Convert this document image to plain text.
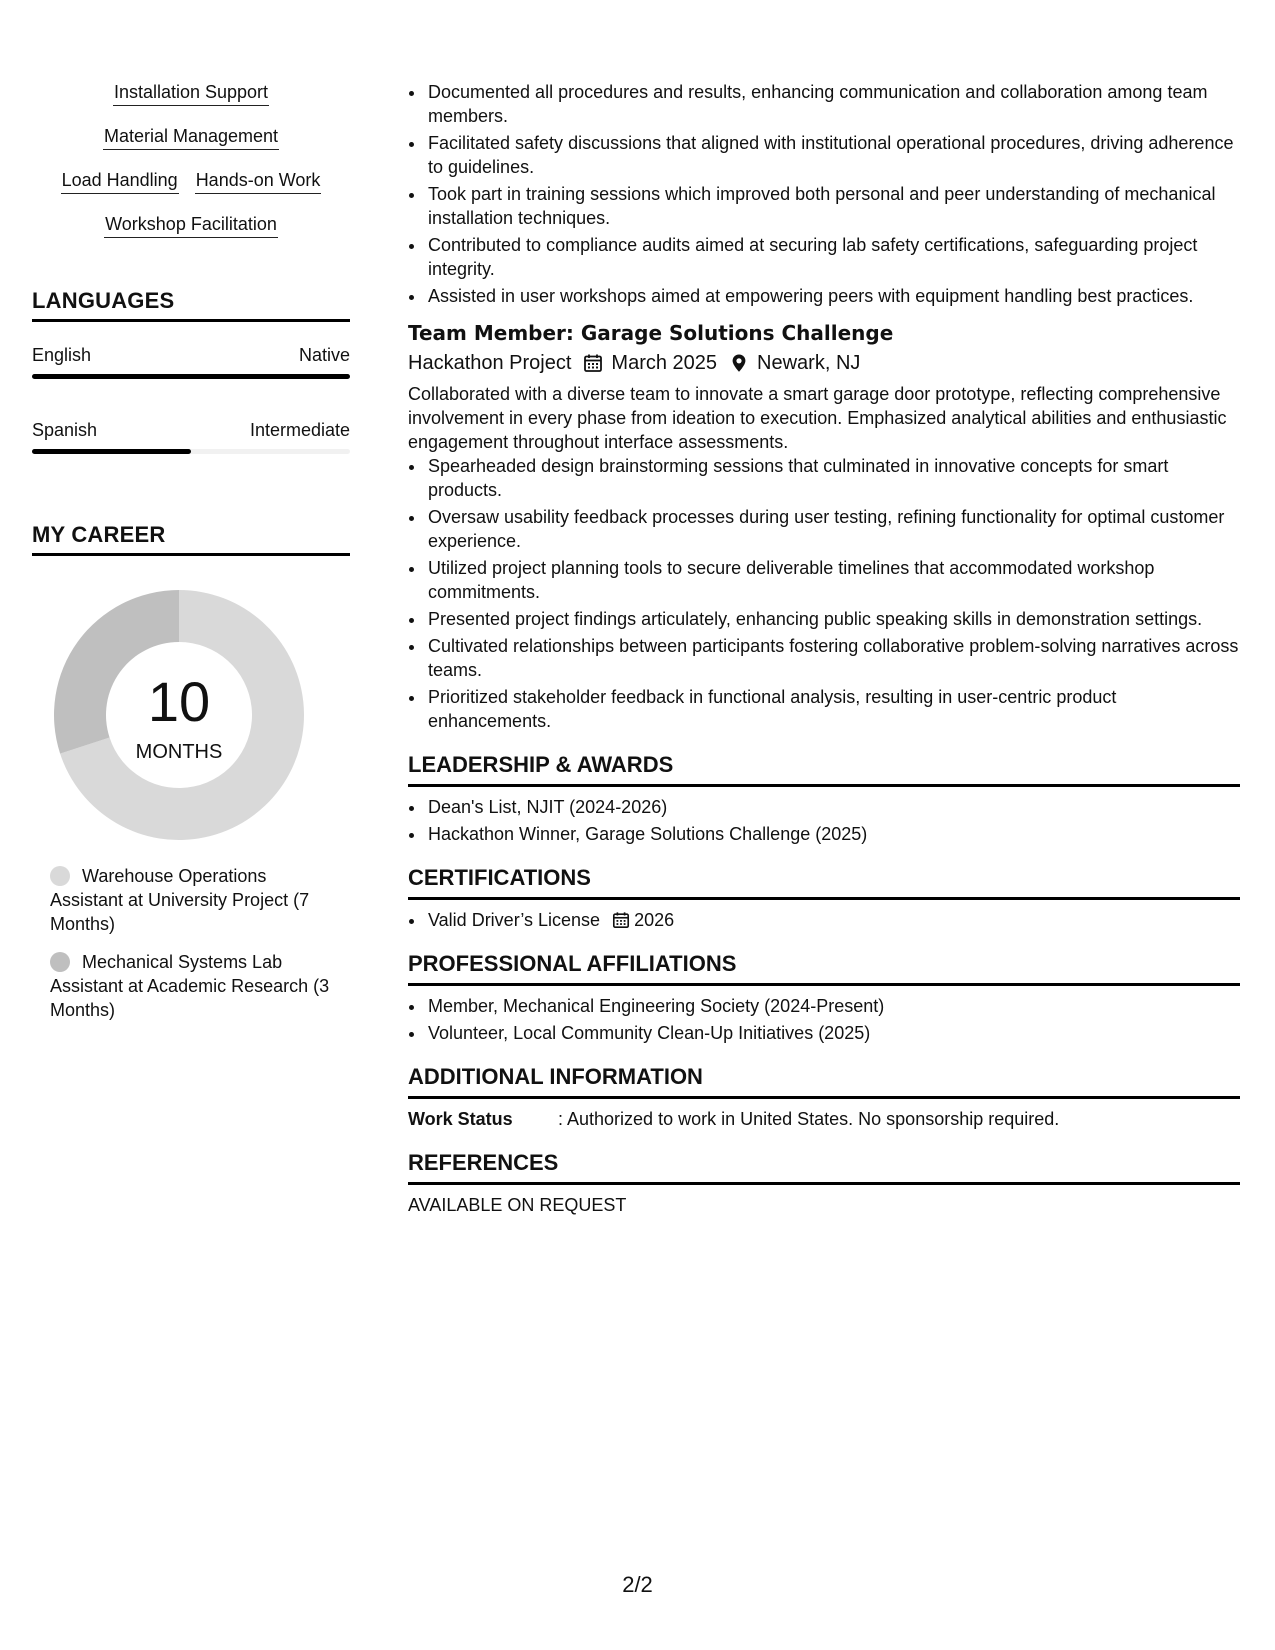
Installation Support
Material Management
Load Handling Hands-on Work
Workshop Facilitation
LANGUAGES
English	Native
Spanish	Intermediate
MY CAREER
10
MONTHS
Warehouse Operations Assistant at University Project (7 Months)
Mechanical Systems Lab Assistant at Academic Research (3 Months)
• Documented all procedures and results, enhancing communication and collaboration among team members.
• Facilitated safety discussions that aligned with institutional operational procedures, driving adherence to guidelines.
• Took part in training sessions which improved both personal and peer understanding of mechanical installation techniques.
• Contributed to compliance audits aimed at securing lab safety certifications, safeguarding project integrity.
• Assisted in user workshops aimed at empowering peers with equipment handling best practices.
Team Member: Garage Solutions Challenge
Hackathon Project March 2025 Newark, NJ

Collaborated with a diverse team to innovate a smart garage door prototype, reflecting comprehensive involvement in every phase from ideation to execution. Emphasized analytical abilities and enthusiastic engagement throughout interface assessments.

• Spearheaded design brainstorming sessions that culminated in innovative concepts for smart products.
• Oversaw usability feedback processes during user testing, refining functionality for optimal customer experience.
• Utilized project planning tools to secure deliverable timelines that accommodated workshop commitments.
• Presented project findings articulately, enhancing public speaking skills in demonstration settings.
• Cultivated relationships between participants fostering collaborative problem-solving narratives across teams.
• Prioritized stakeholder feedback in functional analysis, resulting in user-centric product enhancements.
LEADERSHIP & AWARDS
• Dean's List, NJIT (2024-2026)
• Hackathon Winner, Garage Solutions Challenge (2025)
CERTIFICATIONS
• Valid Driver’s License 2026
PROFESSIONAL AFFILIATIONS
• Member, Mechanical Engineering Society (2024-Present)
• Volunteer, Local Community Clean-Up Initiatives (2025)
ADDITIONAL INFORMATION
Work Status	: Authorized to work in United States. No sponsorship required.
REFERENCES
AVAILABLE ON REQUEST
2/2
